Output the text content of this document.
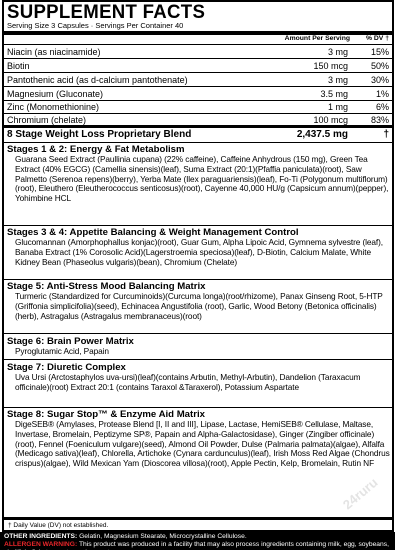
SUPPLEMENT FACTS
Serving Size 3 Capsules · Servings Per Container 40
Amount Per Serving % DV †
Niacin (as niacinamide)	3 mg	15%
Biotin	150 mcg	50%
Pantothenic acid (as d-calcium pantothenate)	3 mg	30%
Magnesium (Gluconate)	3.5 mg	1%
Zinc (Monomethionine)	1 mg	6%
Chromium (chelate)	100 mcg	83%
8 Stage Weight Loss Proprietary Blend	2,437.5 mg	†
Stages 1 & 2: Energy & Fat Metabolism

Guarana Seed Extract (Paullinia cupana) (22% caffeine), Caffeine Anhydrous (150 mg), Green Tea Extract (40% EGCG) (Camellia sinensis)(leaf), Suma Extract (20:1)(Pfaffia paniculata)(root), Saw Palmetto (Serenoa repens)(berry), Yerba Mate (Ilex paraguariensis)(leaf), Fo-Ti (Polygonum multiflorum)(root), Eleuthero (Eleutherococcus senticosus)(root), Cayenne 40,000 HU/g (Capsicum annum)(pepper), Yohimbine HCL

Stages 3 & 4: Appetite Balancing & Weight Management Control

Glucomannan (Amorphophallus konjac)(root), Guar Gum, Alpha Lipoic Acid, Gymnema sylvestre (leaf), Banaba Extract (1% Corosolic Acid)(Lagerstroemia speciosa)(leaf), D-Biotin, Calcium Malate, White Kidney Bean (Phaseolus vulgaris)(bean), Chromium (Chelate)

Stage 5: Anti-Stress Mood Balancing Matrix

Turmeric (Standardized for Curcuminoids)(Curcuma longa)(root/rhizome), Panax Ginseng Root, 5-HTP (Griffonia simplicifolia)(seed), Echinacea Angustifolia (root), Garlic, Wood Betony (Betonica officinalis)(herb), Astragalus (Astragalus membranaceus)(root)

Stage 6: Brain Power Matrix

Pyroglutamic Acid, Papain

Stage 7: Diuretic Complex

Uva Ursi (Arctostaphylos uva-ursi)(leaf)(contains Arbutin, Methyl-Arbutin), Dandelion (Taraxacum officinale)(root) Extract 20:1 (contains Taraxol &Taraxerol), Potassium Aspartate

Stage 8: Sugar Stop™ & Enzyme Aid Matrix

DigeSEB® (Amylases, Protease Blend [I, II and III], Lipase, Lactase, HemiSEB® Cellulase, Maltase, Invertase, Bromelain, Peptizyme SP®, Papain and Alpha-Galactosidase), Ginger (Zingiber officinale)(root), Fennel (Foeniculum vulgare)(seed), Almond Oil Powder, Dulse (Palmaria palmata)(algae), Alfalfa (Medicago sativa)(leaf), Chlorella, Artichoke (Cynara cardunculus)(leaf), Irish Moss Red Algae (Chondrus crispus)(algae), Wild Mexican Yam (Dioscorea villosa)(root), Apple Pectin, Kelp, Bromelain, Rutin NF

† Daily Value (DV) not established.
OTHER INGREDIENTS: Gelatin, Magnesium Stearate, Microcrystalline Cellulose.
ALLERGEN WARNING: This product was produced in a facility that may also process ingredients containing milk, egg, soybeans, shellfish, fish, tree nuts, and peanuts.
24ruru
